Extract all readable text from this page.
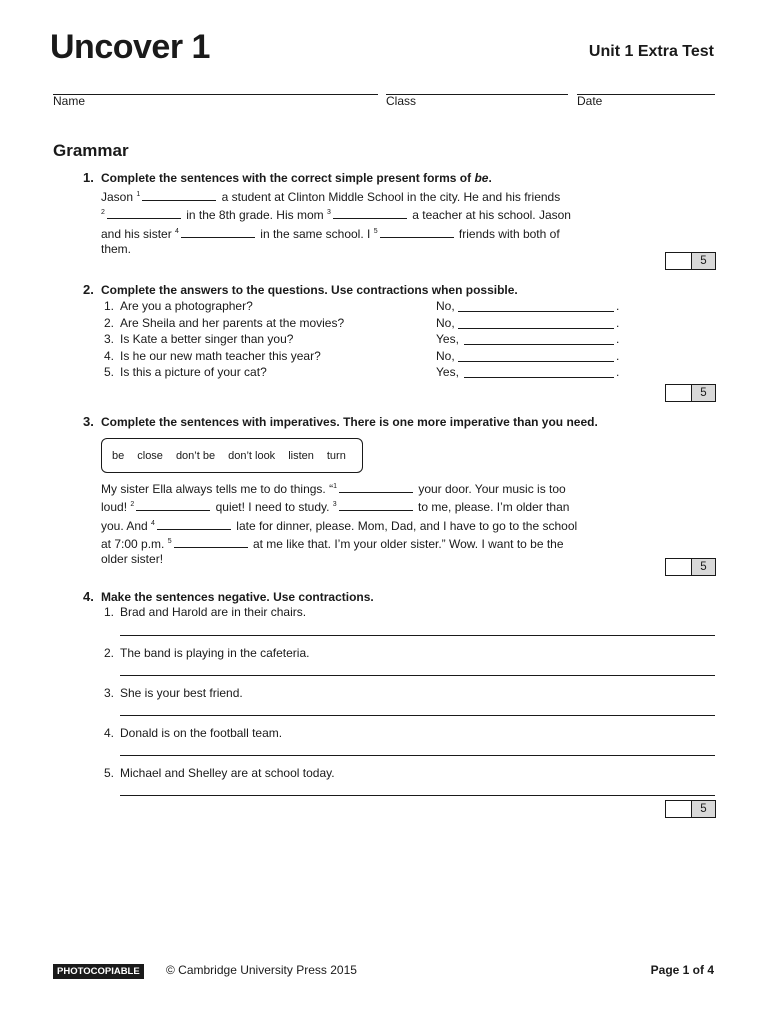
Uncover 1	Unit 1 Extra Test
Name	Class	Date
Grammar
1. Complete the sentences with the correct simple present forms of be.
Jason $^1$	a student at Clinton Middle School in the city. He and his friends
$^2$	in the 8th grade. His mom $^3$	a teacher at his school. Jason
and his sister $^4$	in the same school. I $^5$	friends with both of
them.
5
2. Complete the answers to the questions. Use contractions when possible.
1. Are you a photographer?	No,	.
2. Are Sheila and her parents at the movies?	No,	.
3. Is Kate a better singer than you?	Yes,	.
4. Is he our new math teacher this year?	No,	.
5. Is this a picture of your cat?	Yes,	.
5
3. Complete the sentences with imperatives. There is one more imperative than you need.
be close don’t be don’t look listen turn
My sister Ella always tells me to do things. “$^1$	your door. Your music is too
loud! $^2$	quiet! I need to study. $^3$	to me, please. I’m older than
you. And $^4$	late for dinner, please. Mom, Dad, and I have to go to the school
at 7:00 p.m. $^5$	at me like that. I’m your older sister.” Wow. I want to be the
older sister!
5
4. Make the sentences negative. Use contractions.
1. Brad and Harold are in their chairs.
2. The band is playing in the cafeteria.
3. She is your best friend.
4. Donald is on the football team.
5. Michael and Shelley are at school today.
5
PHOTOCOPIABLE	© Cambridge University Press 2015	Page 1 of 4
